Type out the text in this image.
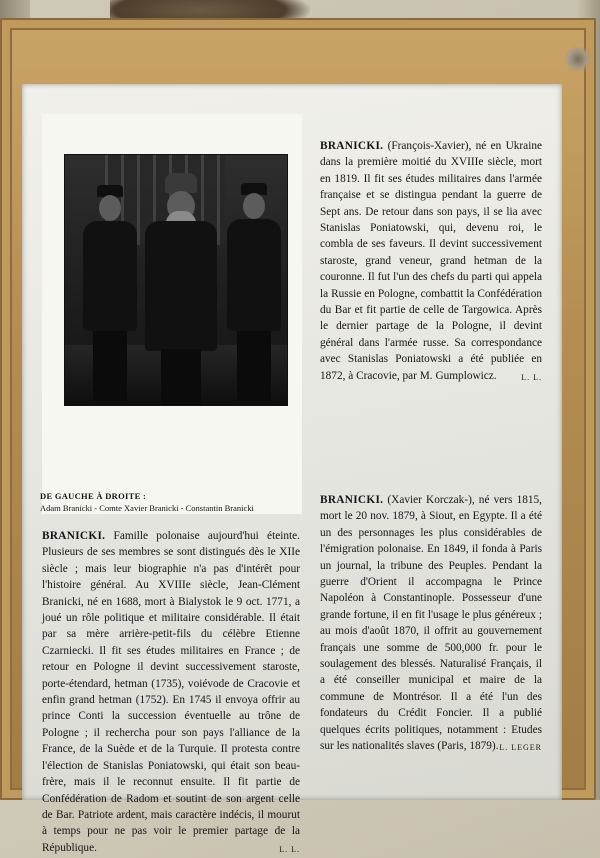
DE GAUCHE À DROITE :
Adam Branicki - Comte Xavier Branicki - Constantin Branicki
BRANICKI. Famille polonaise aujourd'hui éteinte. Plusieurs de ses membres se sont distingués dès le XIIe siècle ; mais leur biographie n'a pas d'intérêt pour l'histoire général. Au XVIIIe siècle, Jean-Clément Branicki, né en 1688, mort à Bialystok le 9 oct. 1771, a joué un rôle politique et militaire considérable. Il était par sa mère arrière-petit-fils du célèbre Etienne Czarniecki. Il fit ses études militaires en France ; de retour en Pologne il devint successivement staroste, porte-étendard, hetman (1735), voiévode de Cracovie et enfin grand hetman (1752). En 1745 il envoya offrir au prince Conti la succession éventuelle au trône de Pologne ; il rechercha pour son pays l'alliance de la France, de la Suède et de la Turquie. Il protesta contre l'élection de Stanislas Poniatowski, qui était son beau-frère, mais il le reconnut ensuite. Il fit partie de Confédération de Radom et soutint de son argent celle de Bar. Patriote ardent, mais caractère indécis, il mourut à temps pour ne pas voir le premier partage de la République.	L. L.
BRANICKI. (François-Xavier), né en Ukraine dans la première moitié du XVIIIe siècle, mort en 1819. Il fit ses études militaires dans l'armée française et se distingua pendant la guerre de Sept ans. De retour dans son pays, il se lia avec Stanislas Poniatowski, qui, devenu roi, le combla de ses faveurs. Il devint successivement staroste, grand veneur, grand hetman de la couronne. Il fut l'un des chefs du parti qui appela la Russie en Pologne, combattit la Confédération du Bar et fit partie de celle de Targowica. Après le dernier partage de la Pologne, il devint général dans l'armée russe. Sa correspondance avec Stanislas Poniatowski a été publiée en 1872, à Cracovie, par M. Gumplowicz.	L. L.
BRANICKI. (Xavier Korczak-), né vers 1815, mort le 20 nov. 1879, à Siout, en Egypte. Il a été un des personnages les plus considérables de l'émigration polonaise. En 1849, il fonda à Paris un journal, la tribune des Peuples. Pendant la guerre d'Orient il accompagna le Prince Napoléon à Constantinople. Possesseur d'une grande fortune, il en fit l'usage le plus généreux ; au mois d'août 1870, il offrit au gouvernement français une somme de 500,000 fr. pour le soulagement des blessés. Naturalisé Français, il a été conseiller municipal et maire de la commune de Montrésor. Il a été l'un des fondateurs du Crédit Foncier. Il a publié quelques écrits politiques, notamment : Etudes sur les nationalités slaves (Paris, 1879). L. LEGER
